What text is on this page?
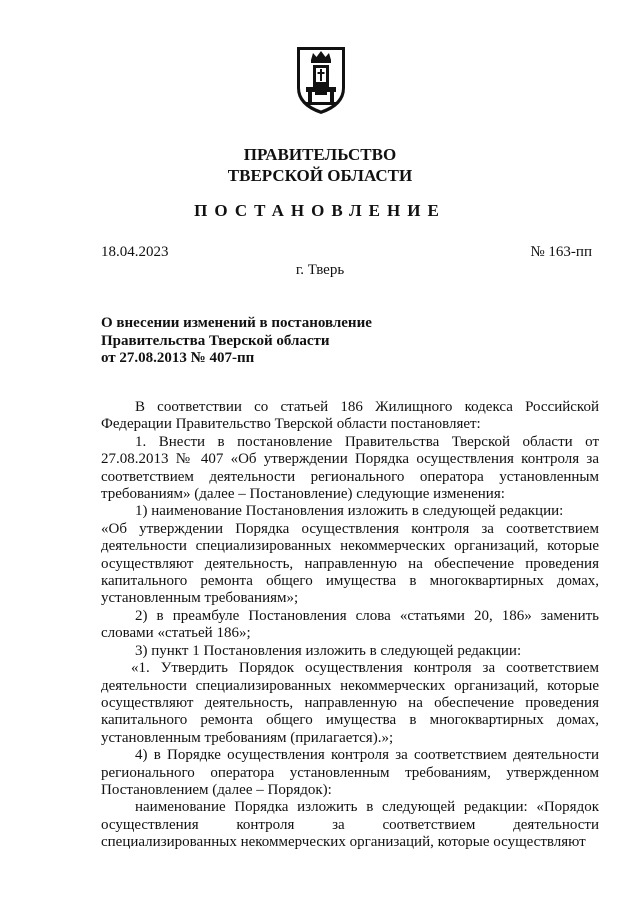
ПРАВИТЕЛЬСТВО
ТВЕРСКОЙ ОБЛАСТИ
ПОСТАНОВЛЕНИЕ
18.04.2023	№ 163-пп
г. Тверь
О внесении изменений в постановление
Правительства Тверской области
от 27.08.2013 № 407-пп

В соответствии со статьей 186 Жилищного кодекса Российской Федерации Правительство Тверской области постановляет:

1. Внести в постановление Правительства Тверской области от 27.08.2013 № 407 «Об утверждении Порядка осуществления контроля за соответствием деятельности регионального оператора установленным требованиям» (далее – Постановление) следующие изменения:

1) наименование Постановления изложить в следующей редакции:

«Об утверждении Порядка осуществления контроля за соответствием деятельности специализированных некоммерческих организаций, которые осуществляют деятельность, направленную на обеспечение проведения капитального ремонта общего имущества в многоквартирных домах, установленным требованиям»;

2) в преамбуле Постановления слова «статьями 20, 186» заменить словами «статьей 186»;

3) пункт 1 Постановления изложить в следующей редакции:

«1. Утвердить Порядок осуществления контроля за соответствием деятельности специализированных некоммерческих организаций, которые осуществляют деятельность, направленную на обеспечение проведения капитального ремонта общего имущества в многоквартирных домах, установленным требованиям (прилагается).»;

4) в Порядке осуществления контроля за соответствием деятельности регионального оператора установленным требованиям, утвержденном Постановлением (далее – Порядок):

наименование Порядка изложить в следующей редакции: «Порядок осуществления контроля за соответствием деятельности специализированных некоммерческих организаций, которые осуществляют
